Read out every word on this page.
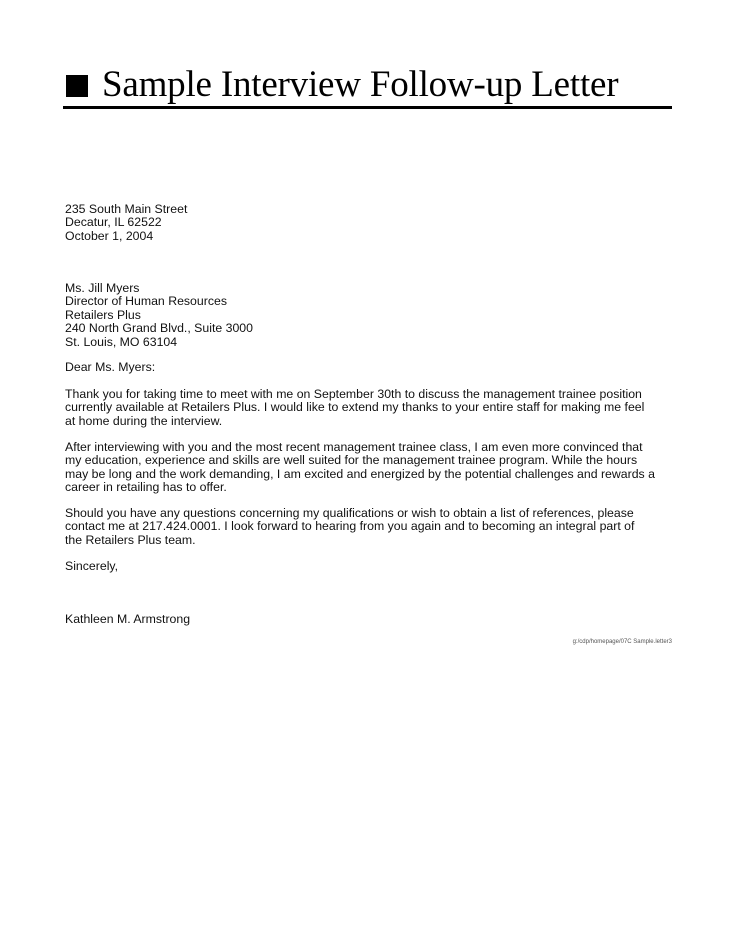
Sample Interview Follow-up Letter
235 South Main Street
Decatur, IL 62522
October 1, 2004
Ms. Jill Myers
Director of Human Resources
Retailers Plus
240 North Grand Blvd., Suite 3000
St. Louis, MO 63104
Dear Ms. Myers:
Thank you for taking time to meet with me on September 30th to discuss the management trainee position
currently available at Retailers Plus. I would like to extend my thanks to your entire staff for making me feel
at home during the interview.
After interviewing with you and the most recent management trainee class, I am even more convinced that
my education, experience and skills are well suited for the management trainee program. While the hours
may be long and the work demanding, I am excited and energized by the potential challenges and rewards a
career in retailing has to offer.
Should you have any questions concerning my qualifications or wish to obtain a list of references, please
contact me at 217.424.0001. I look forward to hearing from you again and to becoming an integral part of
the Retailers Plus team.
Sincerely,
Kathleen M. Armstrong
g:/cdp/homepage/07C Sample.letter3
